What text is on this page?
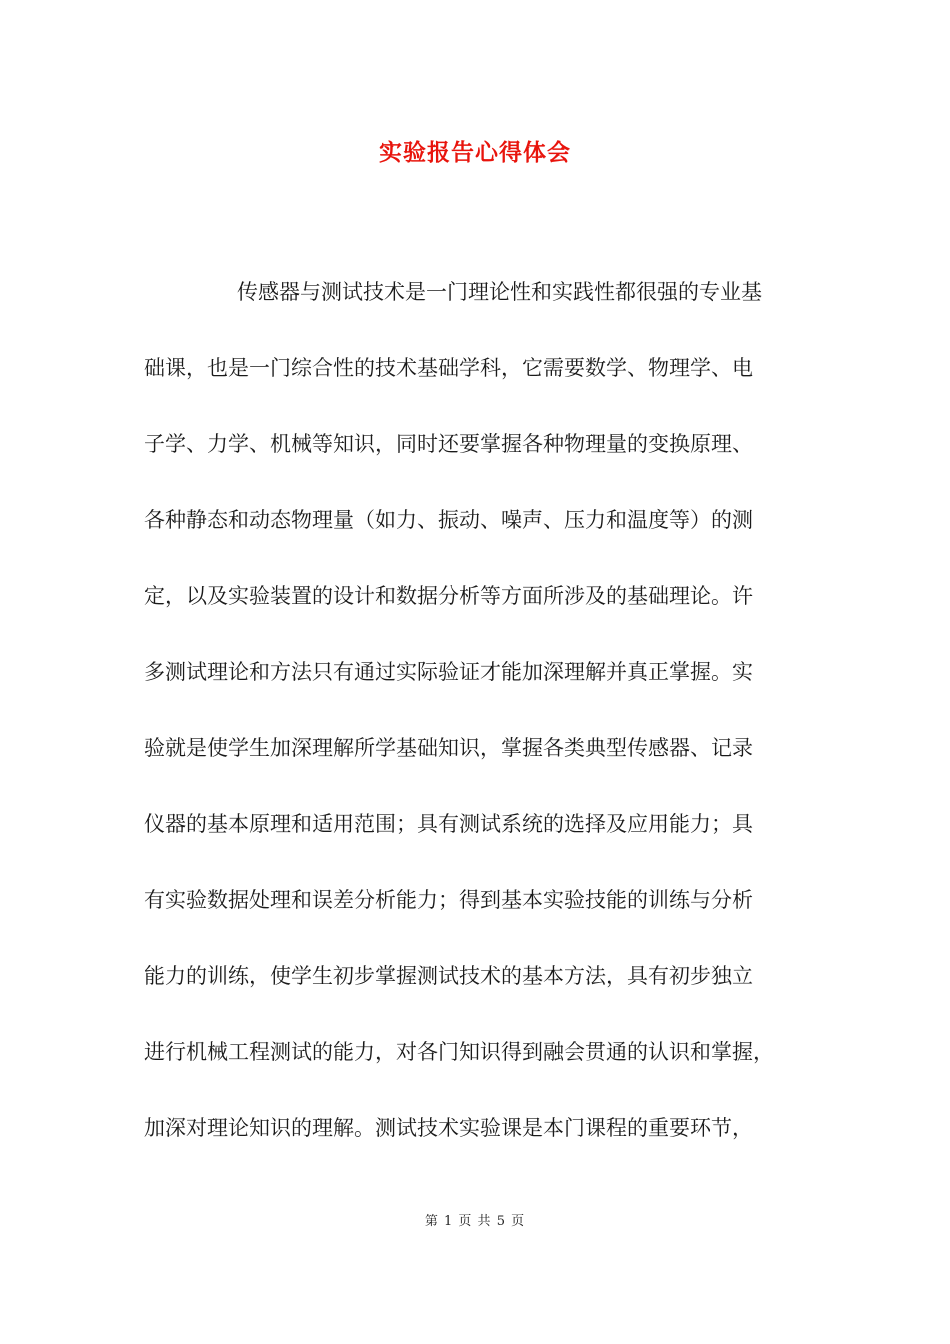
实验报告心得体会
传感器与测试技术是一门理论性和实践性都很强的专业基
础课，也是一门综合性的技术基础学科，它需要数学、物理学、电
子学、力学、机械等知识，同时还要掌握各种物理量的变换原理、
各种静态和动态物理量（如力、振动、噪声、压力和温度等）的测
定，以及实验装置的设计和数据分析等方面所涉及的基础理论。许
多测试理论和方法只有通过实际验证才能加深理解并真正掌握。实
验就是使学生加深理解所学基础知识，掌握各类典型传感器、记录
仪器的基本原理和适用范围；具有测试系统的选择及应用能力；具
有实验数据处理和误差分析能力；得到基本实验技能的训练与分析
能力的训练，使学生初步掌握测试技术的基本方法，具有初步独立
进行机械工程测试的能力，对各门知识得到融会贯通的认识和掌握，
加深对理论知识的理解。测试技术实验课是本门课程的重要环节，
第 1 页 共 5 页
